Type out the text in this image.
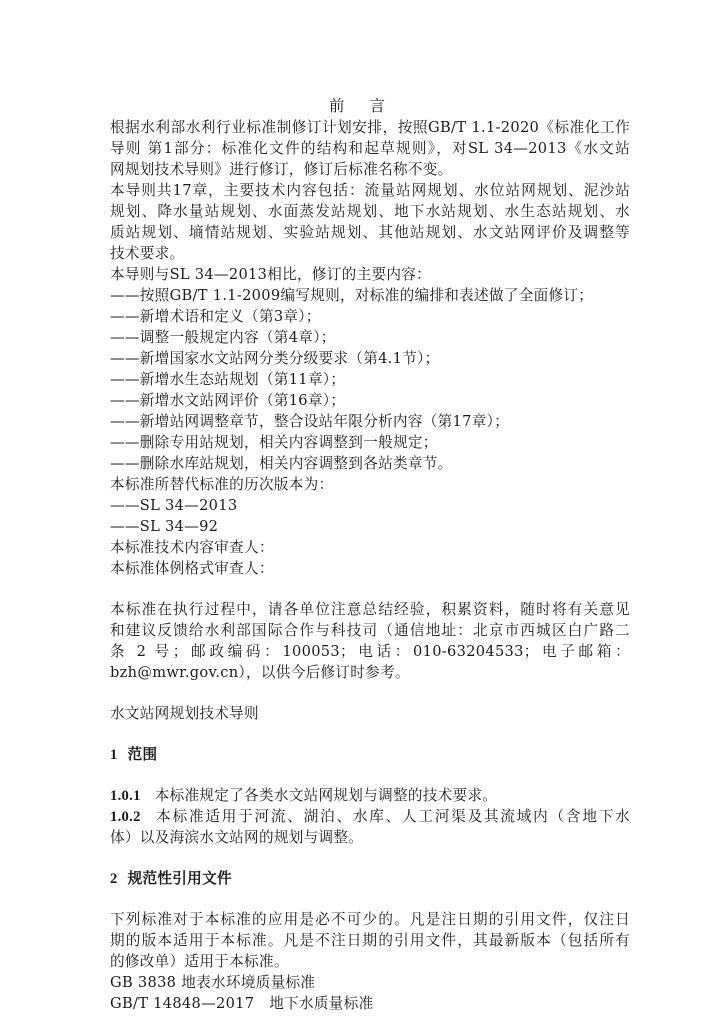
前 言
根据水利部水利行业标准制修订计划安排，按照GB/T 1.1-2020《标准化工作
导则 第1部分：标准化文件的结构和起草规则》，对SL 34—2013《水文站
网规划技术导则》进行修订，修订后标准名称不变。
本导则共17章，主要技术内容包括：流量站网规划、水位站网规划、泥沙站
规划、降水量站规划、水面蒸发站规划、地下水站规划、水生态站规划、水
质站规划、墒情站规划、实验站规划、其他站规划、水文站网评价及调整等
技术要求。
本导则与SL 34—2013相比，修订的主要内容：
——按照GB/T 1.1-2009编写规则，对标准的编排和表述做了全面修订；
——新增术语和定义（第3章）；
——调整一般规定内容（第4章）；
——新增国家水文站网分类分级要求（第4.1节）；
——新增水生态站规划（第11章）；
——新增水文站网评价（第16章）；
——新增站网调整章节，整合设站年限分析内容（第17章）；
——删除专用站规划，相关内容调整到一般规定；
——删除水库站规划，相关内容调整到各站类章节。
本标准所替代标准的历次版本为：
——SL 34—2013
——SL 34—92
本标准技术内容审查人：
本标准体例格式审查人：
本标准在执行过程中，请各单位注意总结经验，积累资料，随时将有关意见
和建议反馈给水利部国际合作与科技司（通信地址：北京市西城区白广路二
条 2 号；邮政编码：100053；电话：010-63204533；电子邮箱：
bzh@mwr.gov.cn），以供今后修订时参考。
水文站网规划技术导则
1 范围
1.0.1 本标准规定了各类水文站网规划与调整的技术要求。
1.0.2 本标准适用于河流、湖泊、水库、人工河渠及其流域内（含地下水
体）以及海滨水文站网的规划与调整。
2 规范性引用文件
下列标准对于本标准的应用是必不可少的。凡是注日期的引用文件，仅注日
期的版本适用于本标准。凡是不注日期的引用文件，其最新版本（包括所有
的修改单）适用于本标准。
GB 3838 地表水环境质量标准
GB/T 14848—2017　地下水质量标准
